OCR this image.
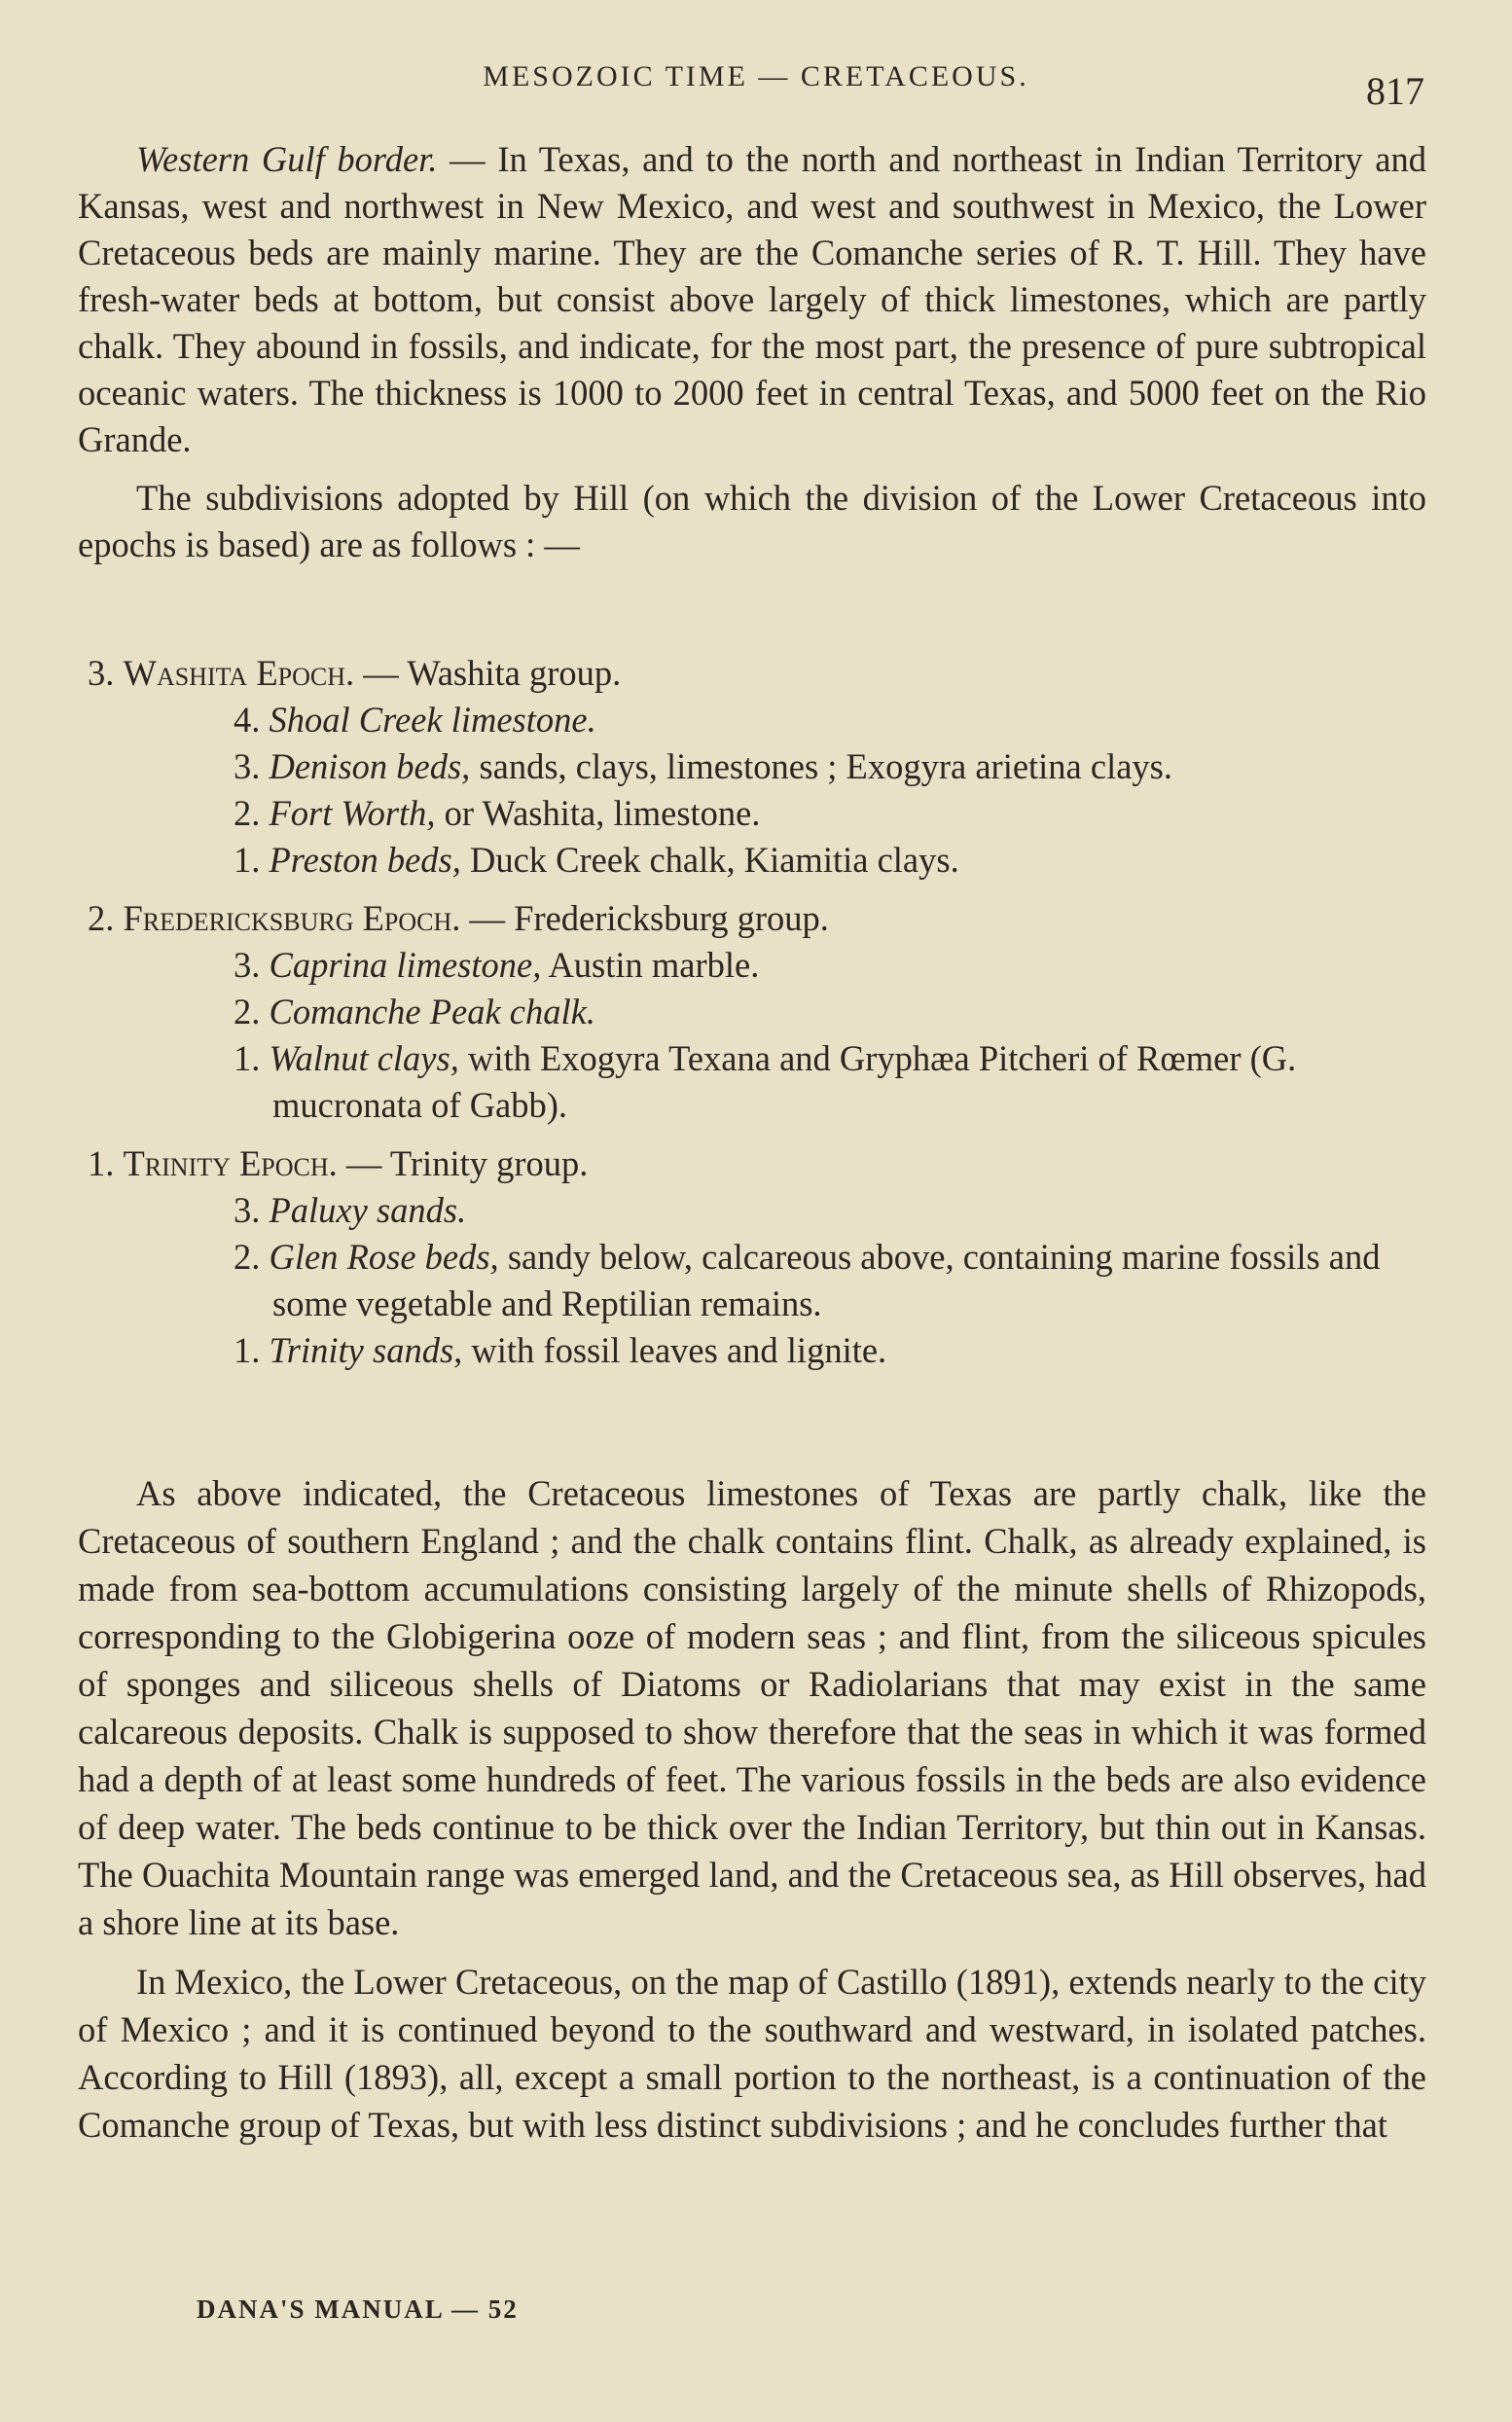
MESOZOIC TIME — CRETACEOUS.	817

Western Gulf border. — In Texas, and to the north and northeast in Indian Territory and Kansas, west and northwest in New Mexico, and west and southwest in Mexico, the Lower Cretaceous beds are mainly marine. They are the Comanche series of R. T. Hill. They have fresh-water beds at bottom, but consist above largely of thick limestones, which are partly chalk. They abound in fossils, and indicate, for the most part, the presence of pure subtropical oceanic waters. The thickness is 1000 to 2000 feet in central Texas, and 5000 feet on the Rio Grande.

The subdivisions adopted by Hill (on which the division of the Lower Cretaceous into epochs is based) are as follows : —

3. Washita Epoch. — Washita group.
4. Shoal Creek limestone.
3. Denison beds, sands, clays, limestones ; Exogyra arietina clays.
2. Fort Worth, or Washita, limestone.
1. Preston beds, Duck Creek chalk, Kiamitia clays.
2. Fredericksburg Epoch. — Fredericksburg group.
3. Caprina limestone, Austin marble.
2. Comanche Peak chalk.
1. Walnut clays, with Exogyra Texana and Gryphæa Pitcheri of Rœmer (G. mucronata of Gabb).
1. Trinity Epoch. — Trinity group.
3. Paluxy sands.
2. Glen Rose beds, sandy below, calcareous above, containing marine fossils and some vegetable and Reptilian remains.
1. Trinity sands, with fossil leaves and lignite.

As above indicated, the Cretaceous limestones of Texas are partly chalk, like the Cretaceous of southern England ; and the chalk contains flint. Chalk, as already explained, is made from sea-bottom accumulations consisting largely of the minute shells of Rhizopods, corresponding to the Globigerina ooze of modern seas ; and flint, from the siliceous spicules of sponges and siliceous shells of Diatoms or Radiolarians that may exist in the same calcareous deposits. Chalk is supposed to show therefore that the seas in which it was formed had a depth of at least some hundreds of feet. The various fossils in the beds are also evidence of deep water. The beds continue to be thick over the Indian Territory, but thin out in Kansas. The Ouachita Mountain range was emerged land, and the Cretaceous sea, as Hill observes, had a shore line at its base.

In Mexico, the Lower Cretaceous, on the map of Castillo (1891), extends nearly to the city of Mexico ; and it is continued beyond to the southward and westward, in isolated patches. According to Hill (1893), all, except a small portion to the northeast, is a continuation of the Comanche group of Texas, but with less distinct subdivisions ; and he concludes further that

DANA'S MANUAL — 52
